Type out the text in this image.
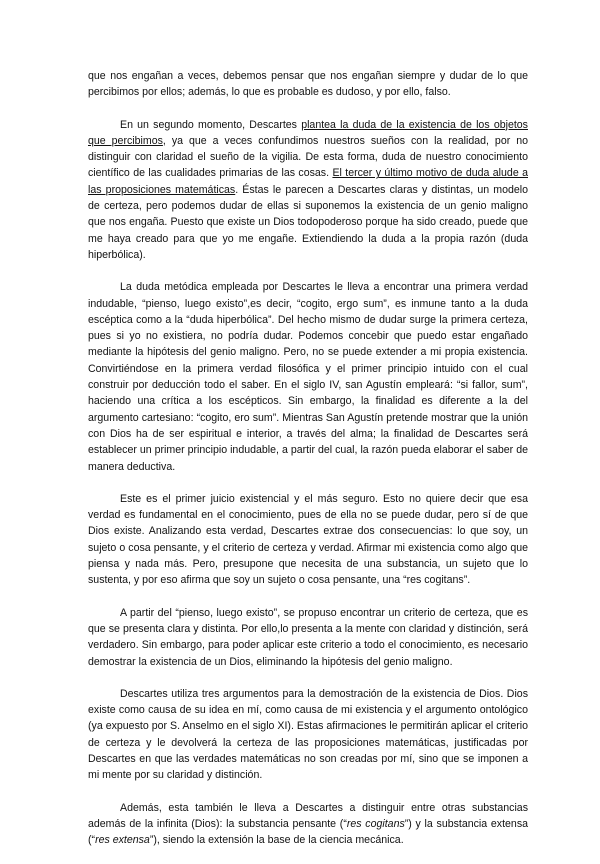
que nos engañan a veces, debemos pensar que nos engañan siempre y dudar de lo que percibimos por ellos; además, lo que es probable es dudoso, y por ello, falso.

En un segundo momento, Descartes plantea la duda de la existencia de los objetos que percibimos, ya que a veces confundimos nuestros sueños con la realidad, por no distinguir con claridad el sueño de la vigilia. De esta forma, duda de nuestro conocimiento científico de las cualidades primarias de las cosas. El tercer y último motivo de duda alude a las proposiciones matemáticas. Éstas le parecen a Descartes claras y distintas, un modelo de certeza, pero podemos dudar de ellas si suponemos la existencia de un genio maligno que nos engaña. Puesto que existe un Dios todopoderoso porque ha sido creado, puede que me haya creado para que yo me engañe. Extiendiendo la duda a la propia razón (duda hiperbólica).

La duda metódica empleada por Descartes le lleva a encontrar una primera verdad indudable, “pienso, luego existo”,es decir, “cogito, ergo sum”, es inmune tanto a la duda escéptica como a la “duda hiperbólica”. Del hecho mismo de dudar surge la primera certeza, pues si yo no existiera, no podría dudar. Podemos concebir que puedo estar engañado mediante la hipótesis del genio maligno. Pero, no se puede extender a mi propia existencia. Convirtiéndose en la primera verdad filosófica y el primer principio intuido con el cual construir por deducción todo el saber. En el siglo IV, san Agustín empleará: “si fallor, sum”, haciendo una crítica a los escépticos. Sin embargo, la finalidad es diferente a la del argumento cartesiano: “cogito, ero sum”. Mientras San Agustín pretende mostrar que la unión con Dios ha de ser espiritual e interior, a través del alma; la finalidad de Descartes será establecer un primer principio indudable, a partir del cual, la razón pueda elaborar el saber de manera deductiva.

Este es el primer juicio existencial y el más seguro. Esto no quiere decir que esa verdad es fundamental en el conocimiento, pues de ella no se puede dudar, pero sí de que Dios existe. Analizando esta verdad, Descartes extrae dos consecuencias: lo que soy, un sujeto o cosa pensante, y el criterio de certeza y verdad. Afirmar mi existencia como algo que piensa y nada más. Pero, presupone que necesita de una substancia, un sujeto que lo sustenta, y por eso afirma que soy un sujeto o cosa pensante, una “res cogitans”.

A partir del “pienso, luego existo”, se propuso encontrar un criterio de certeza, que es que se presenta clara y distinta. Por ello,lo presenta a la mente con claridad y distinción, será verdadero. Sin embargo, para poder aplicar este criterio a todo el conocimiento, es necesario demostrar la existencia de un Dios, eliminando la hipótesis del genio maligno.

Descartes utiliza tres argumentos para la demostración de la existencia de Dios. Dios existe como causa de su idea en mí, como causa de mi existencia y el argumento ontológico (ya expuesto por S. Anselmo en el siglo XI). Estas afirmaciones le permitirán aplicar el criterio de certeza y le devolverá la certeza de las proposiciones matemáticas, justificadas por Descartes en que las verdades matemáticas no son creadas por mí, sino que se imponen a mi mente por su claridad y distinción.

Además, esta también le lleva a Descartes a distinguir entre otras substancias además de la infinita (Dios): la substancia pensante (“res cogitans”) y la substancia extensa (“res extensa”), siendo la extensión la base de la ciencia mecánica.
